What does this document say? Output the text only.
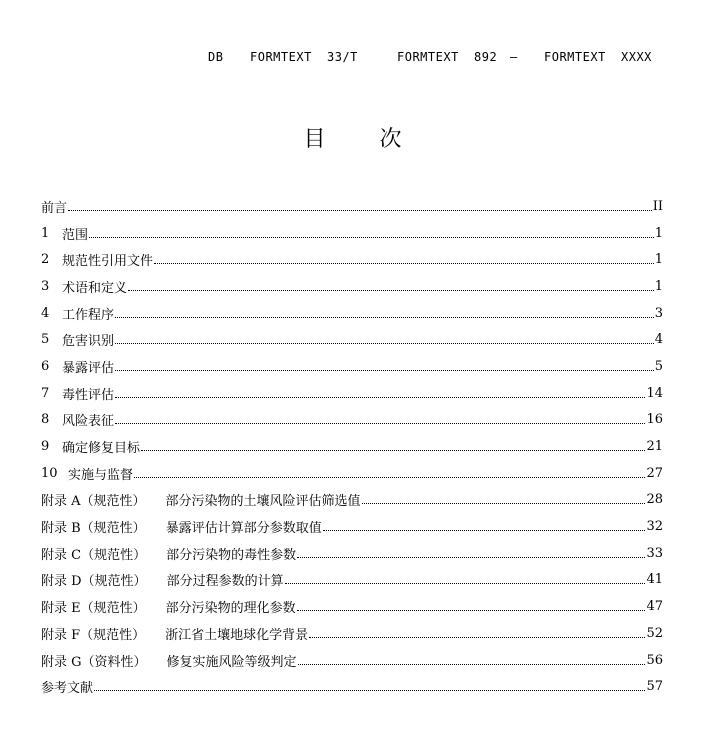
DB	FORMTEXT	33/T	FORMTEXT	892	—	FORMTEXT	XXXX
目 次
前言	II
1 范围	1
2 规范性引用文件	1
3 术语和定义	1
4 工作程序	3
5 危害识别	4
6 暴露评估	5
7 毒性评估	14
8 风险表征	16
9 确定修复目标	21
10 实施与监督	27
附录 A（规范性） 部分污染物的土壤风险评估筛选值	28
附录 B（规范性） 暴露评估计算部分参数取值	32
附录 C（规范性） 部分污染物的毒性参数	33
附录 D（规范性） 部分过程参数的计算	41
附录 E（规范性） 部分污染物的理化参数	47
附录 F（规范性） 浙江省土壤地球化学背景	52
附录 G（资料性） 修复实施风险等级判定	56
参考文献	57
